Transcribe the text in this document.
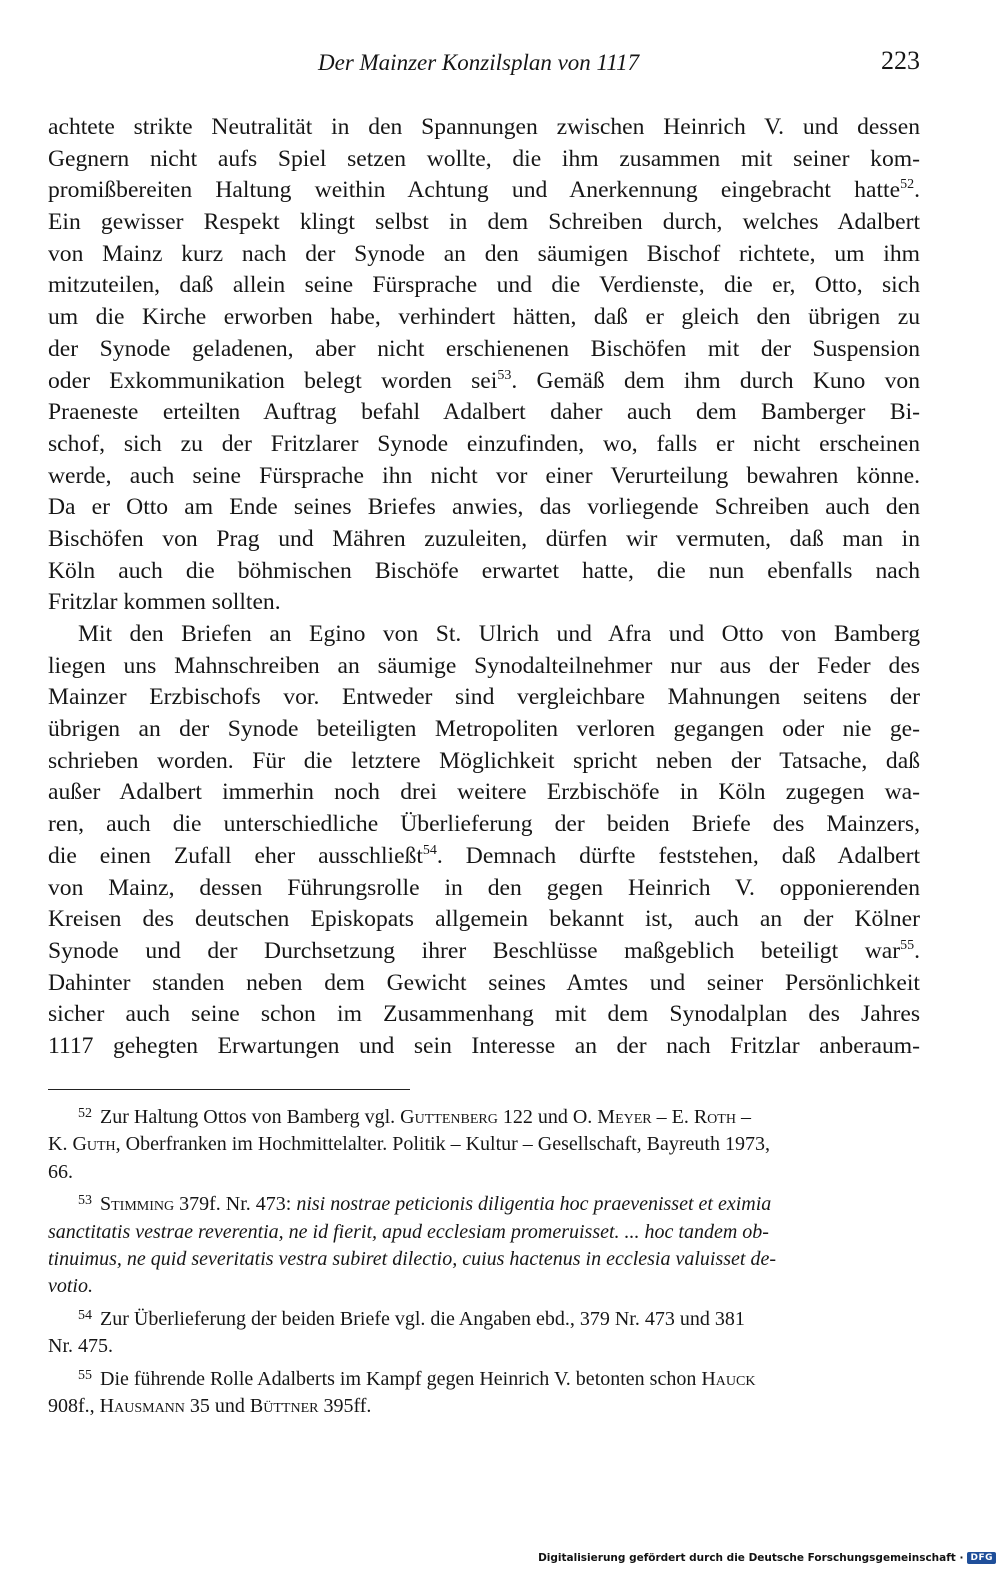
Der Mainzer Konzilsplan von 1117	223
achtete strikte Neutralität in den Spannungen zwischen Heinrich V. und dessen
Gegnern nicht aufs Spiel setzen wollte, die ihm zusammen mit seiner kom-
promißbereiten Haltung weithin Achtung und Anerkennung eingebracht hatte$^{52}$.
Ein gewisser Respekt klingt selbst in dem Schreiben durch, welches Adalbert
von Mainz kurz nach der Synode an den säumigen Bischof richtete, um ihm
mitzuteilen, daß allein seine Fürsprache und die Verdienste, die er, Otto, sich
um die Kirche erworben habe, verhindert hätten, daß er gleich den übrigen zu
der Synode geladenen, aber nicht erschienenen Bischöfen mit der Suspension
oder Exkommunikation belegt worden sei$^{53}$. Gemäß dem ihm durch Kuno von
Praeneste erteilten Auftrag befahl Adalbert daher auch dem Bamberger Bi-
schof, sich zu der Fritzlarer Synode einzufinden, wo, falls er nicht erscheinen
werde, auch seine Fürsprache ihn nicht vor einer Verurteilung bewahren könne.
Da er Otto am Ende seines Briefes anwies, das vorliegende Schreiben auch den
Bischöfen von Prag und Mähren zuzuleiten, dürfen wir vermuten, daß man in
Köln auch die böhmischen Bischöfe erwartet hatte, die nun ebenfalls nach
Fritzlar kommen sollten.
Mit den Briefen an Egino von St. Ulrich und Afra und Otto von Bamberg
liegen uns Mahnschreiben an säumige Synodalteilnehmer nur aus der Feder des
Mainzer Erzbischofs vor. Entweder sind vergleichbare Mahnungen seitens der
übrigen an der Synode beteiligten Metropoliten verloren gegangen oder nie ge-
schrieben worden. Für die letztere Möglichkeit spricht neben der Tatsache, daß
außer Adalbert immerhin noch drei weitere Erzbischöfe in Köln zugegen wa-
ren, auch die unterschiedliche Überlieferung der beiden Briefe des Mainzers,
die einen Zufall eher ausschließt$^{54}$. Demnach dürfte feststehen, daß Adalbert
von Mainz, dessen Führungsrolle in den gegen Heinrich V. opponierenden
Kreisen des deutschen Episkopats allgemein bekannt ist, auch an der Kölner
Synode und der Durchsetzung ihrer Beschlüsse maßgeblich beteiligt war$^{55}$.
Dahinter standen neben dem Gewicht seines Amtes und seiner Persönlichkeit
sicher auch seine schon im Zusammenhang mit dem Synodalplan des Jahres
1117 gehegten Erwartungen und sein Interesse an der nach Fritzlar anberaum-
$^{52}$ Zur Haltung Ottos von Bamberg vgl. Guttenberg 122 und O. Meyer – E. Roth –
K. Guth, Oberfranken im Hochmittelalter. Politik – Kultur – Gesellschaft, Bayreuth 1973,
66.
$^{53}$ Stimming 379f. Nr. 473: nisi nostrae peticionis diligentia hoc praevenisset et eximia
sanctitatis vestrae reverentia, ne id fierit, apud ecclesiam promeruisset. ... hoc tandem ob-
tinuimus, ne quid severitatis vestra subiret dilectio, cuius hactenus in ecclesia valuisset de-
votio.
$^{54}$ Zur Überlieferung der beiden Briefe vgl. die Angaben ebd., 379 Nr. 473 und 381
Nr. 475.
$^{55}$ Die führende Rolle Adalberts im Kampf gegen Heinrich V. betonten schon Hauck
908f., Hausmann 35 und Büttner 395ff.
Digitalisierung gefördert durch die Deutsche Forschungsgemeinschaft · DFG
